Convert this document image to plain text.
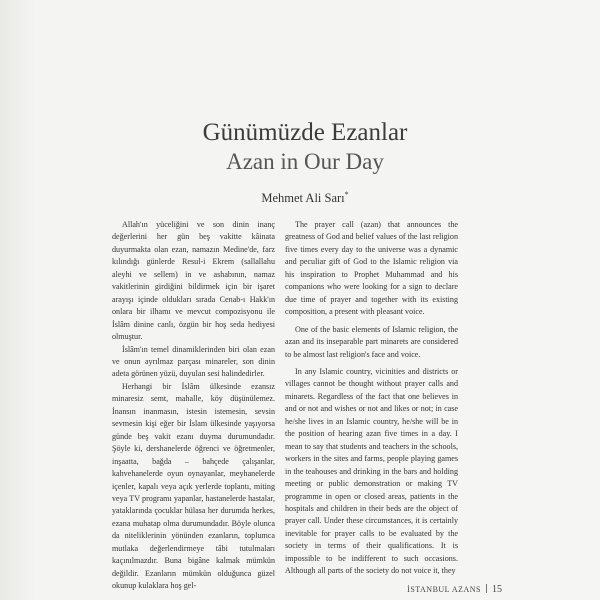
Günümüzde Ezanlar
Azan in Our Day
Mehmet Ali Sarı*

Allah'ın yüceliğini ve son dinin inanç değerlerini her gün beş vakitte kâinata duyurmakta olan ezan, namazın Medine'de, farz kılındığı günlerde Resul-i Ekrem (sallallahu aleyhi ve sellem) in ve ashabının, namaz vakitlerinin girdiğini bildirmek için bir işaret arayışı içinde oldukları sırada Cenab-ı Hakk'ın onlara bir ilhamı ve mevcut compozisyonu ile İslâm dinine canlı, özgün bir hoş seda hediyesi olmuştur.

İslâm'ın temel dinamiklerinden biri olan ezan ve onun ayrılmaz parçası minareler, son dinin adeta görünen yüzü, duyulan sesi halindedirler.

Herhangi bir İslâm ülkesinde ezansız minaresiz semt, mahalle, köy düşünülemez. İnansın inanmasın, istesin istemesin, sevsin sevmesin kişi eğer bir İslam ülkesinde yaşıyorsa günde beş vakit ezanı duyma durumundadır. Şöyle ki, dershanelerde öğrenci ve öğretmenler, inşaatta, bağda – bahçede çalışanlar, kahvehanelerde oyun oynayanlar, meyhanelerde içenler, kapalı veya açık yerlerde toplantı, miting veya TV programı yapanlar, hastanelerde hastalar, yataklarında çocuklar hülasa her durumda herkes, ezana muhatap olma durumundadır. Böyle olunca da niteliklerinin yönünden ezanların, toplumca mutlaka değerlendirmeye tâbi tutulmaları kaçınılmazdır. Buna bigâne kalmak mümkün değildir. Ezanların mümkün olduğunca güzel okunup kulaklara hoş gel-

The prayer call (azan) that announces the greatness of God and belief values of the last religion five times every day to the universe was a dynamic and peculiar gift of God to the Islamic religion via his inspiration to Prophet Muhammad and his companions who were looking for a sign to declare due time of prayer and together with its existing composition, a present with pleasant voice.

One of the basic elements of Islamic religion, the azan and its inseparable part minarets are considered to be almost last religion's face and voice.

In any Islamic country, vicinities and districts or villages cannot be thought without prayer calls and minarets. Regardless of the fact that one believes in and or not and wishes or not and likes or not; in case he/she lives in an Islamic country, he/she will be in the position of hearing azan five times in a day. I mean to say that students and teachers in the schools, workers in the sites and farms, people playing games in the teahouses and drinking in the bars and holding meeting or public demonstration or making TV programme in open or closed areas, patients in the hospitals and children in their beds are the object of prayer call. Under these circumstances, it is certainly inevitable for prayer calls to be evaluated by the society in terms of their qualifications. It is impossible to be indifferent to such occasions. Although all parts of the society do not voice it, they

İSTANBUL AZANS 15
